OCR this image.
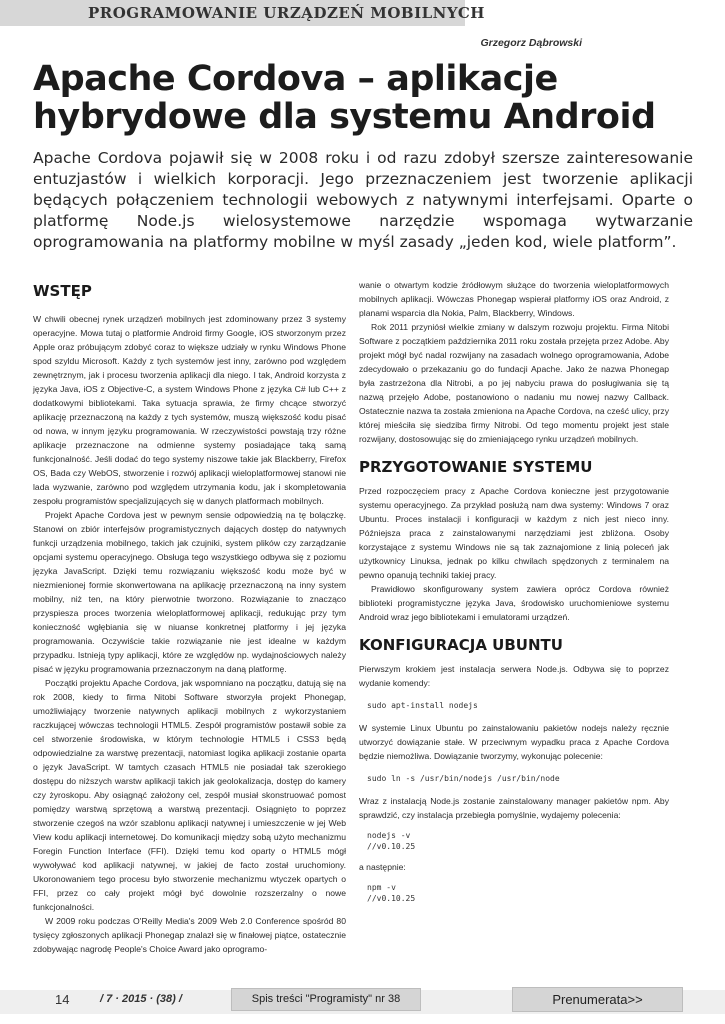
PROGRAMOWANIE URZĄDZEŃ MOBILNYCH
Grzegorz Dąbrowski
Apache Cordova – aplikacje hybrydowe dla systemu Android

Apache Cordova pojawił się w 2008 roku i od razu zdobył szersze zainteresowanie entuzjastów i wielkich korporacji. Jego przeznaczeniem jest tworzenie aplikacji będących połączeniem technologii webowych z natywnymi interfejsami. Oparte o platformę Node.js wielosystemowe narzędzie wspomaga wytwarzanie oprogramowania na platformy mobilne w myśl zasady „jeden kod, wiele platform”.

WSTĘP

W chwili obecnej rynek urządzeń mobilnych jest zdominowany przez 3 systemy operacyjne. Mowa tutaj o platformie Android firmy Google, iOS stworzonym przez Apple oraz próbującym zdobyć coraz to większe udziały w rynku Windows Phone spod szyldu Microsoft. Każdy z tych systemów jest inny, zarówno pod względem zewnętrznym, jak i procesu tworzenia aplikacji dla niego. I tak, Android korzysta z języka Java, iOS z Objective-C, a system Windows Phone z języka C# lub C++ z dodatkowymi bibliotekami. Taka sytuacja sprawia, że firmy chcące stworzyć aplikację przeznaczoną na każdy z tych systemów, muszą większość kodu pisać od nowa, w innym języku programowania. W rzeczywistości powstają trzy różne aplikacje przeznaczone na odmienne systemy posiadające taką samą funkcjonalność. Jeśli dodać do tego systemy niszowe takie jak Blackberry, Firefox OS, Bada czy WebOS, stworzenie i rozwój aplikacji wieloplatformowej stanowi nie lada wyzwanie, zarówno pod względem utrzymania kodu, jak i skompletowania zespołu programistów specjalizujących się w danych platformach mobilnych.

Projekt Apache Cordova jest w pewnym sensie odpowiedzią na tę bolączkę. Stanowi on zbiór interfejsów programistycznych dających dostęp do natywnych funkcji urządzenia mobilnego, takich jak czujniki, system plików czy zarządzanie opcjami systemu operacyjnego. Obsługa tego wszystkiego odbywa się z poziomu języka JavaScript. Dzięki temu rozwiązaniu większość kodu może być w niezmienionej formie skonwertowana na aplikację przeznaczoną na inny system mobilny, niż ten, na który pierwotnie tworzono. Rozwiązanie to znacząco przyspiesza proces tworzenia wieloplatformowej aplikacji, redukując przy tym konieczność wgłębiania się w niuanse konkretnej platformy i jej języka programowania. Oczywiście takie rozwiązanie nie jest idealne w każdym przypadku. Istnieją typy aplikacji, które ze względów np. wydajnościowych należy pisać w języku programowania przeznaczonym na daną platformę.

Początki projektu Apache Cordova, jak wspomniano na początku, datują się na rok 2008, kiedy to firma Nitobi Software stworzyła projekt Phonegap, umożliwiający tworzenie natywnych aplikacji mobilnych z wykorzystaniem raczkującej wówczas technologii HTML5. Zespół programistów postawił sobie za cel stworzenie środowiska, w którym technologie HTML5 i CSS3 będą odpowiedzialne za warstwę prezentacji, natomiast logika aplikacji zostanie oparta o język JavaScript. W tamtych czasach HTML5 nie posiadał tak szerokiego dostępu do niższych warstw aplikacji takich jak geolokalizacja, dostęp do kamery czy żyroskopu. Aby osiągnąć założony cel, zespół musiał skonstruować pomost pomiędzy warstwą sprzętową a warstwą prezentacji. Osiągnięto to poprzez stworzenie czegoś na wzór szablonu aplikacji natywnej i umieszczenie w jej Web View kodu aplikacji internetowej. Do komunikacji między sobą użyto mechanizmu Foregin Function Interface (FFI). Dzięki temu kod oparty o HTML5 mógł wywoływać kod aplikacji natywnej, w jakiej de facto został uruchomiony. Ukoronowaniem tego procesu było stworzenie mechanizmu wtyczek opartych o FFI, przez co cały projekt mógł być dowolnie rozszerzalny o nowe funkcjonalności.

W 2009 roku podczas O'Reilly Media's 2009 Web 2.0 Conference spośród 80 tysięcy zgłoszonych aplikacji Phonegap znalazł się w finałowej piątce, ostatecznie zdobywając nagrodę People's Choice Award jako oprogramo-

wanie o otwartym kodzie źródłowym służące do tworzenia wieloplatformowych mobilnych aplikacji. Wówczas Phonegap wspierał platformy iOS oraz Android, z planami wsparcia dla Nokia, Palm, Blackberry, Windows.

Rok 2011 przyniósł wielkie zmiany w dalszym rozwoju projektu. Firma Nitobi Software z początkiem października 2011 roku została przejęta przez Adobe. Aby projekt mógł być nadal rozwijany na zasadach wolnego oprogramowania, Adobe zdecydowało o przekazaniu go do fundacji Apache. Jako że nazwa Phonegap była zastrzeżona dla Nitrobi, a po jej nabyciu prawa do posługiwania się tą nazwą przejęło Adobe, postanowiono o nadaniu mu nowej nazwy Callback. Ostatecznie nazwa ta została zmieniona na Apache Cordova, na cześć ulicy, przy której mieściła się siedziba firmy Nitrobi. Od tego momentu projekt jest stale rozwijany, dostosowując się do zmieniającego rynku urządzeń mobilnych.

PRZYGOTOWANIE SYSTEMU

Przed rozpoczęciem pracy z Apache Cordova konieczne jest przygotowanie systemu operacyjnego. Za przykład posłużą nam dwa systemy: Windows 7 oraz Ubuntu. Proces instalacji i konfiguracji w każdym z nich jest nieco inny. Późniejsza praca z zainstalowanymi narzędziami jest zbliżona. Osoby korzystające z systemu Windows nie są tak zaznajomione z linią poleceń jak użytkownicy Linuksa, jednak po kilku chwilach spędzonych z terminalem na pewno opanują techniki takiej pracy.

Prawidłowo skonfigurowany system zawiera oprócz Cordova również biblioteki programistyczne języka Java, środowisko uruchomieniowe systemu Android wraz jego bibliotekami i emulatorami urządzeń.

KONFIGURACJA UBUNTU

Pierwszym krokiem jest instalacja serwera Node.js. Odbywa się to poprzez wydanie komendy:

sudo apt-install nodejs

W systemie Linux Ubuntu po zainstalowaniu pakietów nodejs należy ręcznie utworzyć dowiązanie stałe. W przeciwnym wypadku praca z Apache Cordova będzie niemożliwa. Dowiązanie tworzymy, wykonując polecenie:

sudo ln -s /usr/bin/nodejs /usr/bin/node

Wraz z instalacją Node.js zostanie zainstalowany manager pakietów npm. Aby sprawdzić, czy instalacja przebiegła pomyślnie, wydajemy polecenia:

nodejs -v
//v0.10.25

a następnie:

npm -v
//v0.10.25
14	/ 7 · 2015 · (38) /	Spis treści "Programisty" nr 38	Prenumerata>>
